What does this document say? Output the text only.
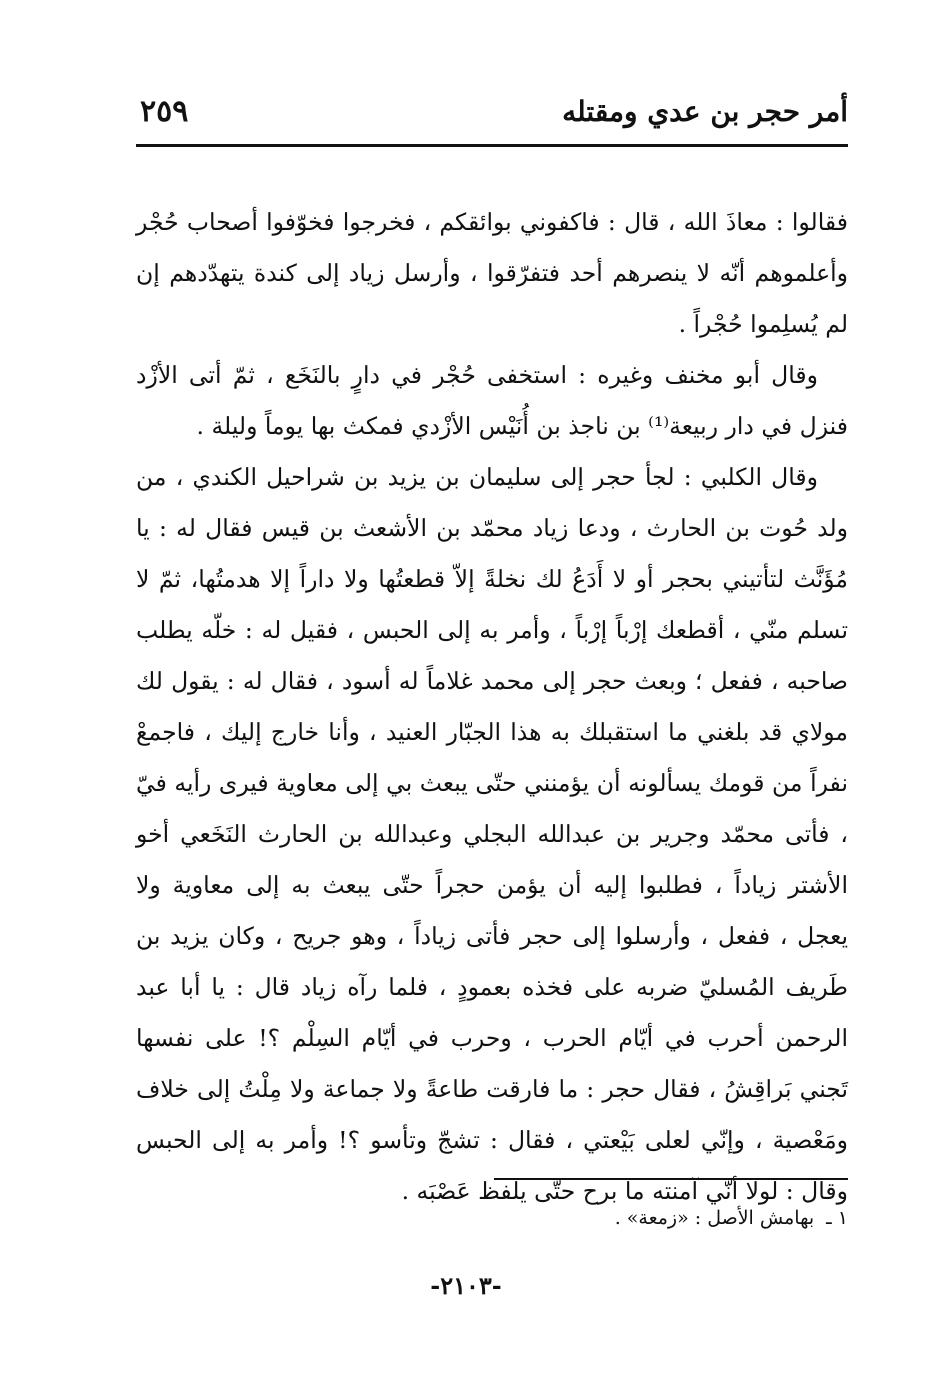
أمر حجر بن عدي ومقتله
٢٥٩

فقالوا : معاذَ الله ، قال : فاكفوني بوائقكم ، فخرجوا فخوّفوا أصحاب حُجْر وأعلموهم أنّه لا ينصرهم أحد فتفرّقوا ، وأرسل زياد إلى كندة يتهدّدهم إن لم يُسلِموا حُجْراً .

وقال أبو مخنف وغيره : استخفى حُجْر في دارٍ بالنَخَع ، ثمّ أتى الأزْد فنزل في دار ربيعة⁽¹⁾ بن ناجذ بن أُنَيْس الأزْدي فمكث بها يوماً وليلة .

وقال الكلبي : لجأ حجر إلى سليمان بن يزيد بن شراحيل الكندي ، من ولد حُوت بن الحارث ، ودعا زياد محمّد بن الأشعث بن قيس فقال له : يا مُؤَنَّث لتأتيني بحجر أو لا أَدَعُ لك نخلةً إلاّ قطعتُها ولا داراً إلا هدمتُها، ثمّ لا تسلم منّي ، أقطعك إرْباً إرْباً ، وأمر به إلى الحبس ، فقيل له : خلّه يطلب صاحبه ، ففعل ؛ وبعث حجر إلى محمد غلاماً له أسود ، فقال له : يقول لك مولاي قد بلغني ما استقبلك به هذا الجبّار العنيد ، وأنا خارج إليك ، فاجمعْ نفراً من قومك يسألونه أن يؤمنني حتّى يبعث بي إلى معاوية فيرى رأيه فيّ ، فأتى محمّد وجرير بن عبدالله البجلي وعبدالله بن الحارث النَخَعي أخو الأشتر زياداً ، فطلبوا إليه أن يؤمن حجراً حتّى يبعث به إلى معاوية ولا يعجل ، ففعل ، وأرسلوا إلى حجر فأتى زياداً ، وهو جريح ، وكان يزيد بن طَريف المُسليّ ضربه على فخذه بعمودٍ ، فلما رآه زياد قال : يا أبا عبد الرحمن أحرب في أيّام الحرب ، وحرب في أيّام السِلْم ؟! على نفسها تَجني بَراقِشُ ، فقال حجر : ما فارقت طاعةً ولا جماعة ولا مِلْتُ إلى خلاف ومَعْصية ، وإنّي لعلى بَيْعتي ، فقال : تشجّ وتأسو ؟! وأمر به إلى الحبس وقال : لولا أنّي آمنته ما برح حتّى يلفظ عَصْبَه .

١ ـ بهامش الأصل : «زمعة» .
-٢١٠٣-
